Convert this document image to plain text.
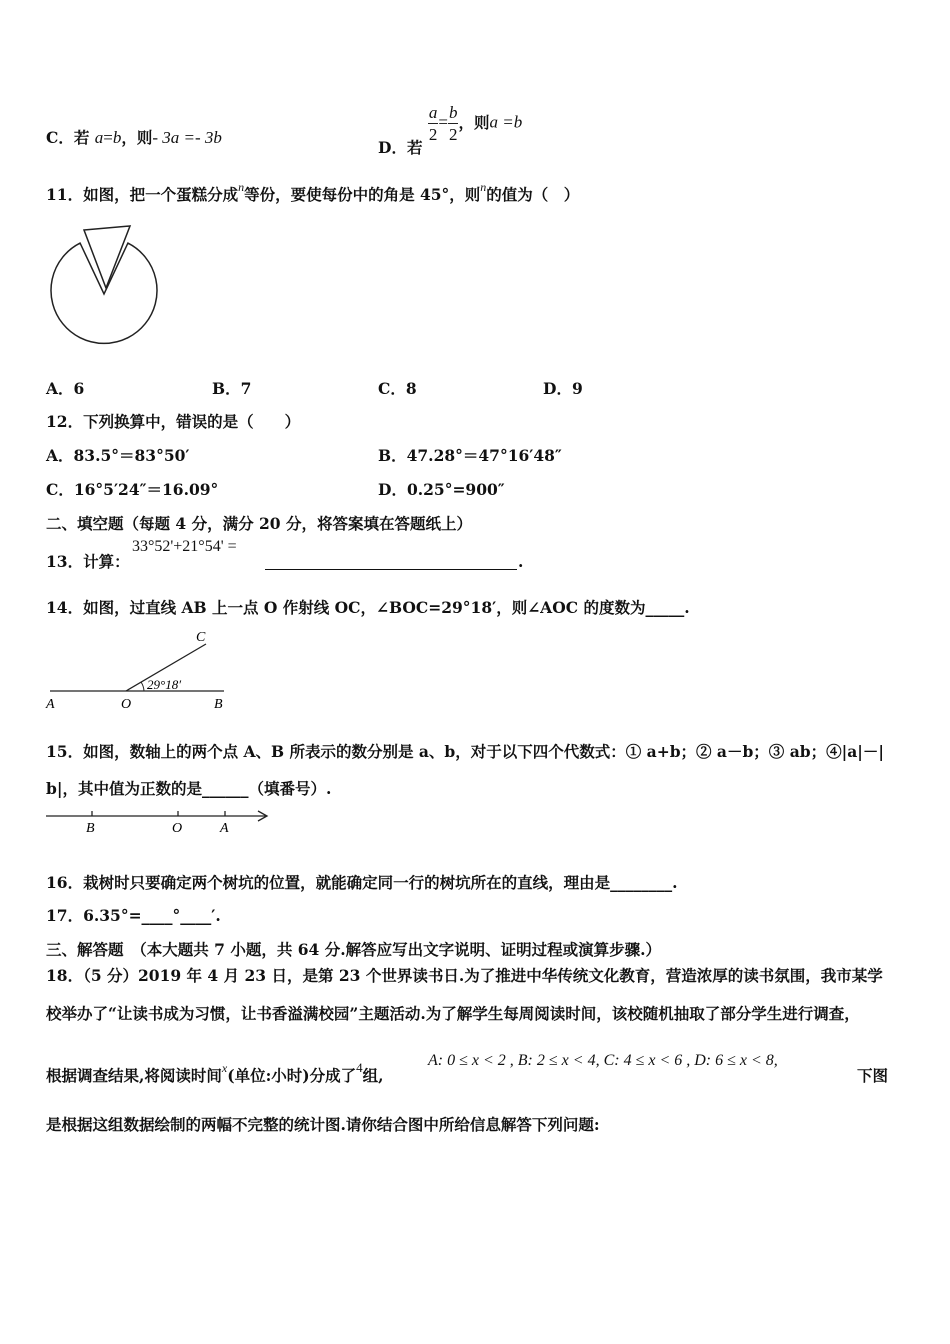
C．若 a=b，则- 3a =- 3b	D．若
$\frac{a}{2} = \frac{b}{2}$ ，则a =b
11．如图，把一个蛋糕分成$^n$等份，要使每份中的角是 45°，则$^n$的值为（　）
A．6	B．7	C．8	D．9
12．下列换算中，错误的是（　　）
A．83.5°＝83°50′	B．47.28°＝47°16′48″
C．16°5′24″＝16.09°	D．0.25°=900″
二、填空题（每题 4 分，满分 20 分，将答案填在答题纸上）
13．计算：
33°52'+21°54' =
.
14．如图，过直线 AB 上一点 O 作射线 OC，∠BOC=29°18′，则∠AOC 的度数为_____.
29°18′
A	O	B
C
15．如图，数轴上的两个点 A、B 所表示的数分别是 a、b，对于以下四个代数式：① a+b；② a－b；③ ab；④|a|－|
b|，其中值为正数的是______（填番号）.
B	O	A
16．栽树时只要确定两个树坑的位置，就能确定同一行的树坑所在的直线，理由是________.
17．6.35°=____°____′.
三、解答题　（本大题共 7 小题，共 64 分.解答应写出文字说明、证明过程或演算步骤.）
18．（5 分）2019 年 4 月 23 日，是第 23 个世界读书日.为了推进中华传统文化教育，营造浓厚的读书氛围，我市某学
校举办了“让读书成为习惯，让书香溢满校园”主题活动.为了解学生每周阅读时间，该校随机抽取了部分学生进行调查，
根据调查结果,将阅读时间$^x$(单位:小时)分成了$^4$组,
A: 0 ≤ x < 2 , B: 2 ≤ x < 4, C: 4 ≤ x < 6 , D: 6 ≤ x < 8,
下图
是根据这组数据绘制的两幅不完整的统计图.请你结合图中所给信息解答下列问题:
